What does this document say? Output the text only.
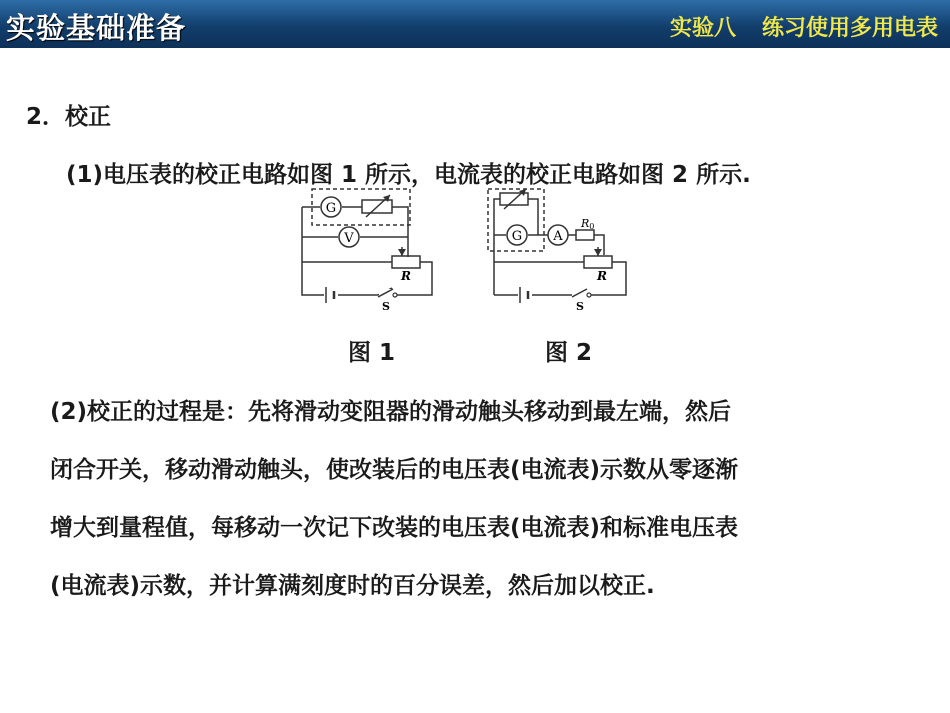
实验基础准备	实验八 练习使用多用电表
2．校正
(1)电压表的校正电路如图 1 所示，电流表的校正电路如图 2 所示.
G
V
R
S
G A
R0
R
S
图 1	图 2
(2)校正的过程是：先将滑动变阻器的滑动触头移动到最左端，然后
闭合开关，移动滑动触头，使改装后的电压表(电流表)示数从零逐渐
增大到量程值，每移动一次记下改装的电压表(电流表)和标准电压表
(电流表)示数，并计算满刻度时的百分误差，然后加以校正.
